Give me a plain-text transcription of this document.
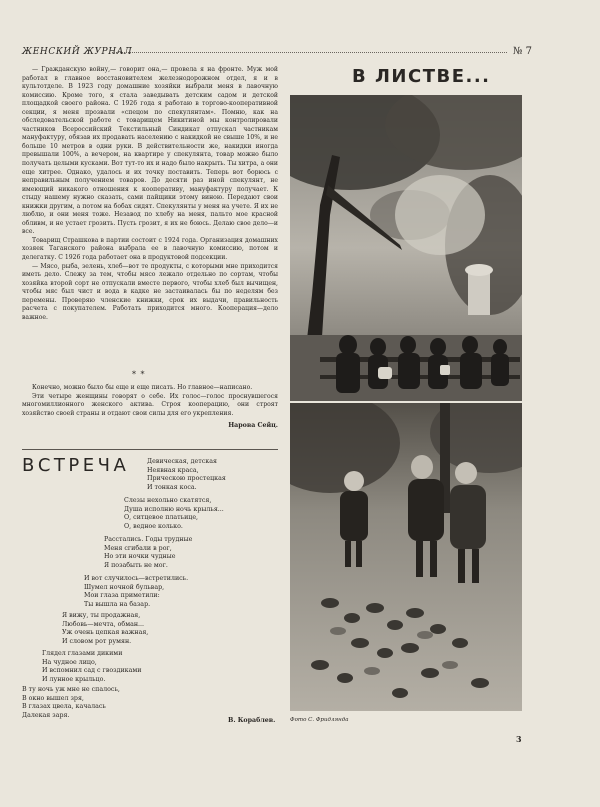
ЖЕНСКИЙ ЖУРНАЛ	№ 7

— Гражданскую войну,— говорит она,— провела я на фронте. Муж мой работал в главное восстановителем железнодорожном отдел, я и в культотделе. В 1923 году домашние хозяйки выбрали меня в лавочную комиссию. Кроме того, я стала заведывать детским садом и детской площадкой своего района. С 1926 года я работаю в торгово-кооперативной секции, я меня прозвали «спецом по спекулянтам». Помню, как на обследовательской работе с товарищем Никитиной мы контролировали частников Всероссийский Текстильный Синдикат отпускал частникам мануфактуру, обязав их продавать населению с накидкой не свыше 10%, и не больше 10 метров в одни руки. В действительности же, накидки иногда превышали 100%, а вечером, на квартире у спекулянта, товар можно было получать целыми кусками. Вот тут-то их и надо было накрыть. Ты хитра, а они еще хитрее. Однако, удалось и их точку поставить. Теперь вот борюсь с неправильным получением товаров. До десяти раз иной спекулянт, не имеющий никакого отношения к кооперативу, мануфактуру получает. К стыду нашему нужно сказать, сами пайщики этому виною. Передают свои книжки другим, а потом на бобах сидят. Спекулянты у меня на учете. Я их не люблю, и они меня тоже. Незавод по хлебу на меня, пальто мое красной обливм, и не устает грозить. Пусть грозит, я их не боюсь. Делаю свое дело—и все.

Товарищ Страшкова в партии состоит с 1924 года. Организация домашних хозяек Таганского района выбрала ее в лавочную комиссию, потом и делегатку. С 1926 года работает она в продуктовой подсекции.

— Мясо, рыба, зелень, хлеб—вот те продукты, с которыми мне приходится иметь дело. Слежу за тем, чтобы мясо лежало отдельно по сортам, чтобы хозяйка второй сорт не отпускали вместе первого, чтобы хлеб был вычищен, чтобы мяс был чист и вода в кадке не застаивалась бы по неделям без перемены. Проверяю членские книжки, срок их выдачи, правильность расчета с покупателем. Работать приходится много. Кооперация—дело важное.

* *

Конечно, можно было бы еще и еще писать. Но главное—написано.

Эти четыре женщины говорят о себе. Их голос—голос проснувшегося многомиллионного женского актива. Строя кооперацию, они строят хозяйство своей страны и отдают свои силы для его укрепления.

Нарова Сейц.
ВСТРЕЧА	Девическая, детская
Неявная краса,
Прическою простецкая
И тонкая коса.
Слезы нехольно скатятся,
Душа исполню ночь крылья...
О, ситцевое платьице,
О, ведное колько.
Расстались. Годы трудные
Меня сгибали в рог,
Но эти ночки чудные
Я позабыть не мог.
И вот случилось—встретились.
Шумел ночной бульвар,
Мои глаза приметили:
Ты вышла на базар.
Я вижу, ты продажная,
Любовь—мечта, обман...
Уж очень цепкая важная,
И словом рот румян.
Глядел глазами дикими
На чудное лицо,
И вспомнил сад с гвоздиками
И лунное крыльцо.
В ту ночь уж мне не спалось,
В окно вышел зря,
В глазах цвела, качалась
Далекая заря.
В. Кораблев.
В ЛИСТВЕ...
Фото С. Фридлянда
3
